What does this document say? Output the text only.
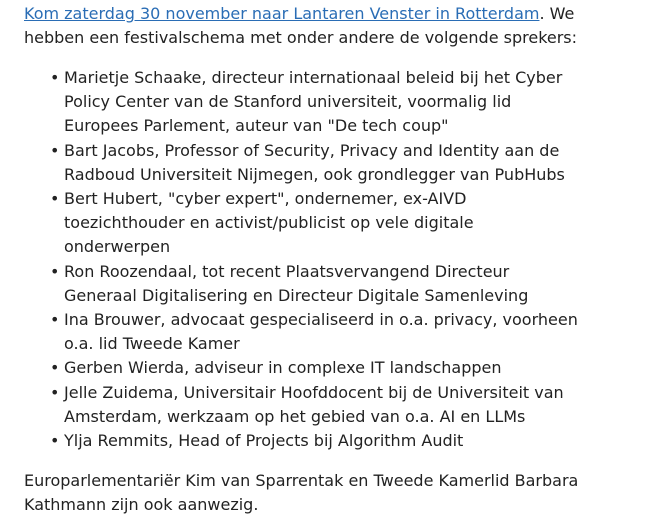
Kom zaterdag 30 november naar Lantaren Venster in Rotterdam. We hebben een festivalschema met onder andere de volgende sprekers:

• Marietje Schaake, directeur internationaal beleid bij het Cyber Policy Center van de Stanford universiteit, voormalig lid Europees Parlement, auteur van "De tech coup"
• Bart Jacobs, Professor of Security, Privacy and Identity aan de Radboud Universiteit Nijmegen, ook grondlegger van PubHubs
• Bert Hubert, "cyber expert", ondernemer, ex-AIVD toezichthouder en activist/publicist op vele digitale onderwerpen
• Ron Roozendaal, tot recent Plaatsvervangend Directeur Generaal Digitalisering en Directeur Digitale Samenleving
• Ina Brouwer, advocaat gespecialiseerd in o.a. privacy, voorheen o.a. lid Tweede Kamer
• Gerben Wierda, adviseur in complexe IT landschappen
• Jelle Zuidema, Universitair Hoofddocent bij de Universiteit van Amsterdam, werkzaam op het gebied van o.a. AI en LLMs
• Ylja Remmits, Head of Projects bij Algorithm Audit

Europarlementariër Kim van Sparrentak en Tweede Kamerlid Barbara Kathmann zijn ook aanwezig.
